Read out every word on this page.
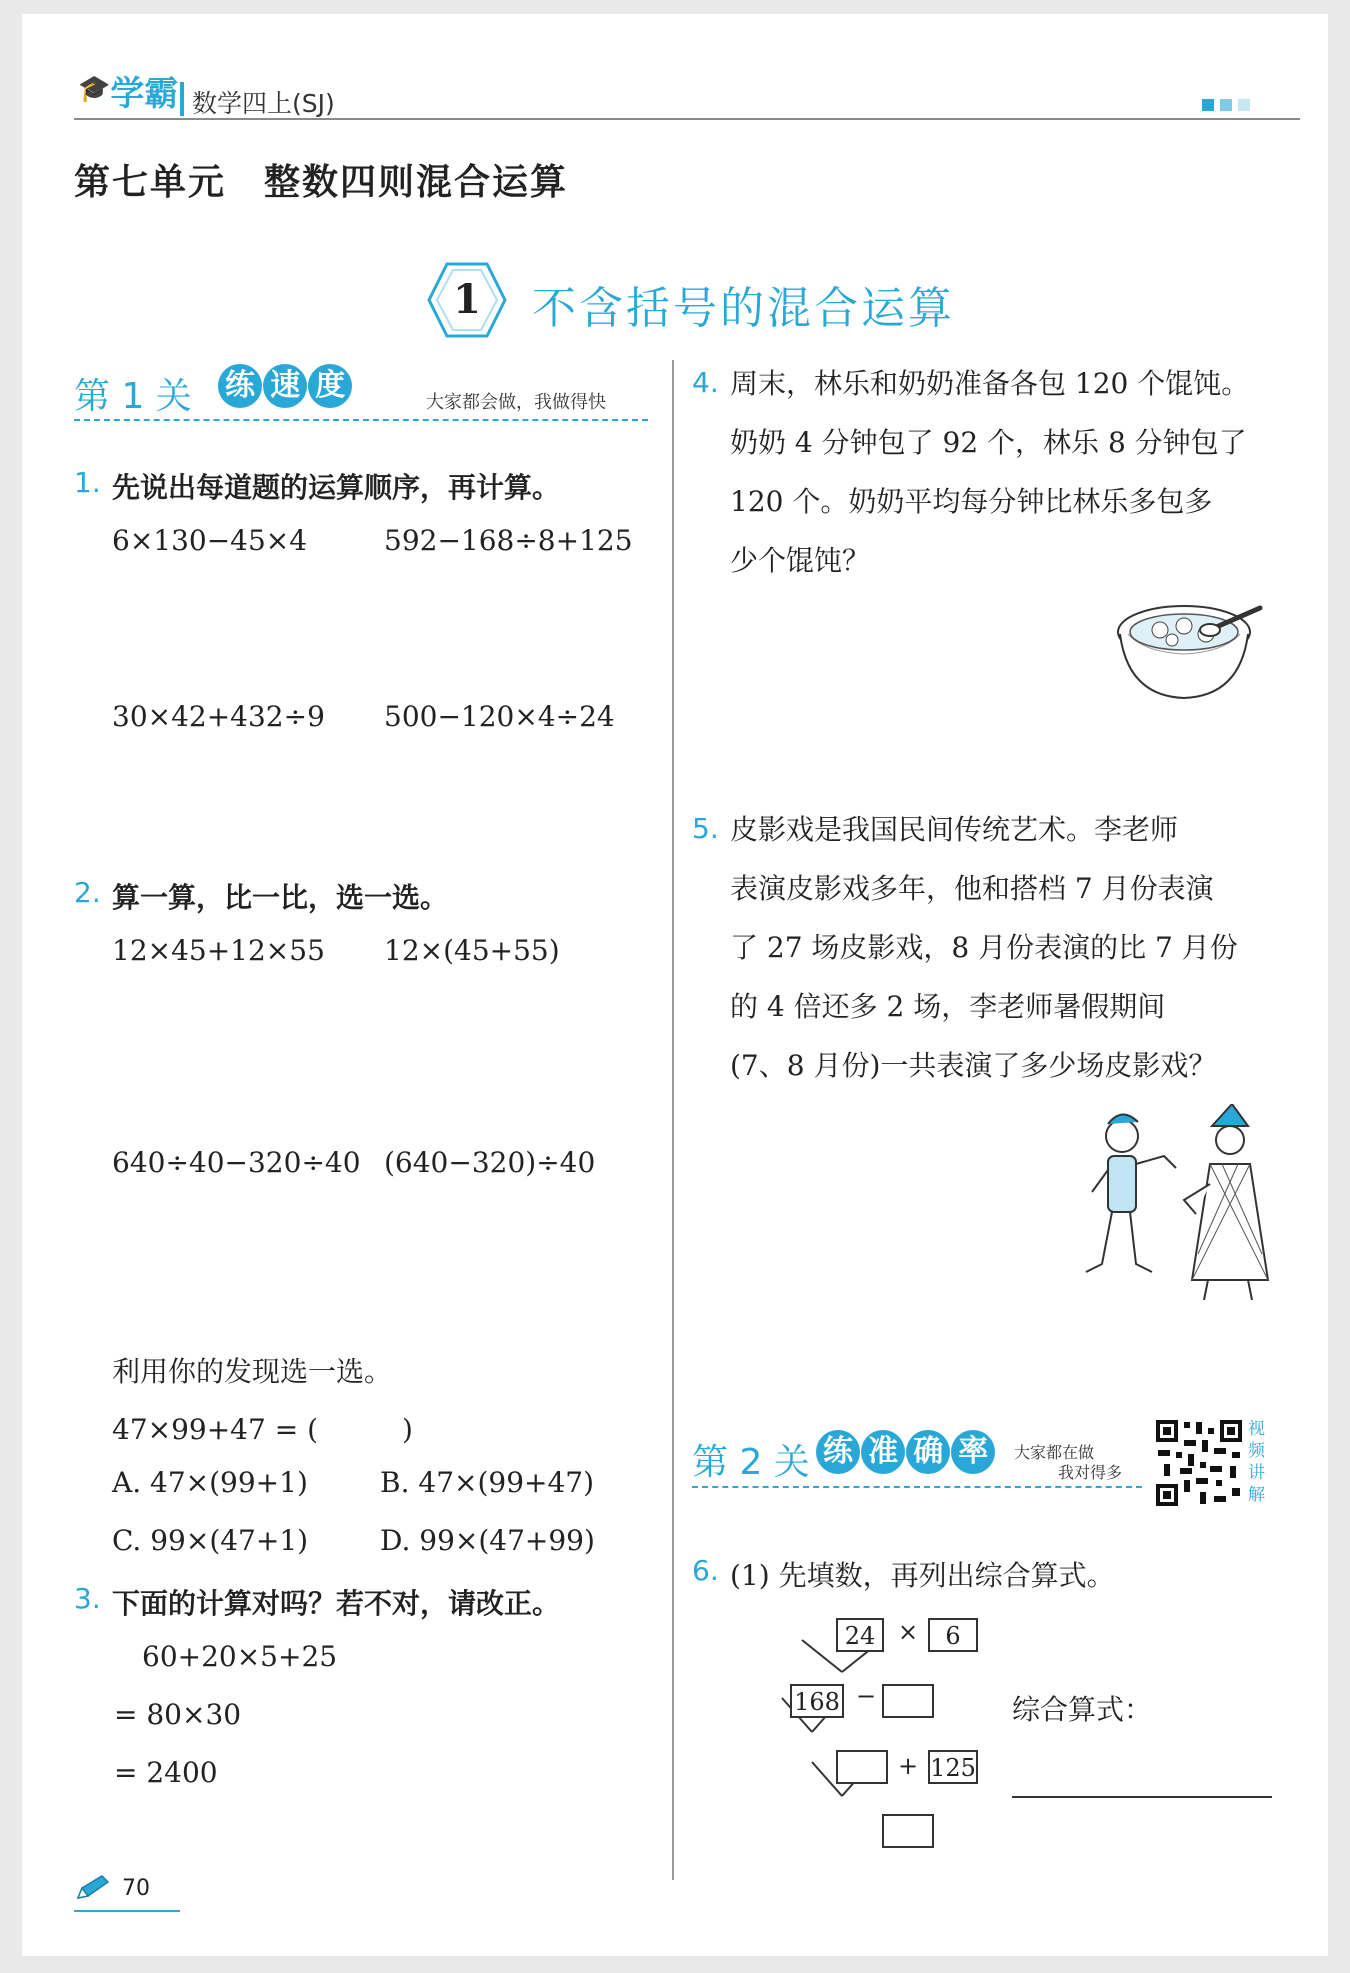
🎓学霸 数学四上(SJ)
第七单元　整数四则混合运算
1	不含括号的混合运算
第 1 关 练 速 度	大家都会做，我做得快
1. 先说出每道题的运算顺序，再计算。
6×130−45×4	592−168÷8+125
30×42+432÷9 500−120×4÷24
2. 算一算，比一比，选一选。
12×45+12×55 12×(45+55)
640÷40−320÷40 (640−320)÷40
利用你的发现选一选。
47×99+47 = (　　　)
A. 47×(99+1)	B. 47×(99+47)
C. 99×(47+1)	D. 99×(47+99)
3. 下面的计算对吗？若不对，请改正。
60+20×5+25
= 80×30
= 2400
4. 周末，林乐和奶奶准备各包 120 个馄饨。
奶奶 4 分钟包了 92 个，林乐 8 分钟包了
120 个。奶奶平均每分钟比林乐多包多
少个馄饨？
5. 皮影戏是我国民间传统艺术。李老师
表演皮影戏多年，他和搭档 7 月份表演
了 27 场皮影戏，8 月份表演的比 7 月份
的 4 倍还多 2 场，李老师暑假期间
(7、8 月份)一共表演了多少场皮影戏？
第 2 关 练 准 确 率 大家都在做
我对得多
视
频
讲
解
6. (1) 先填数，再列出综合算式。
24 ×	6
168 −
+ 125
综合算式：
70
